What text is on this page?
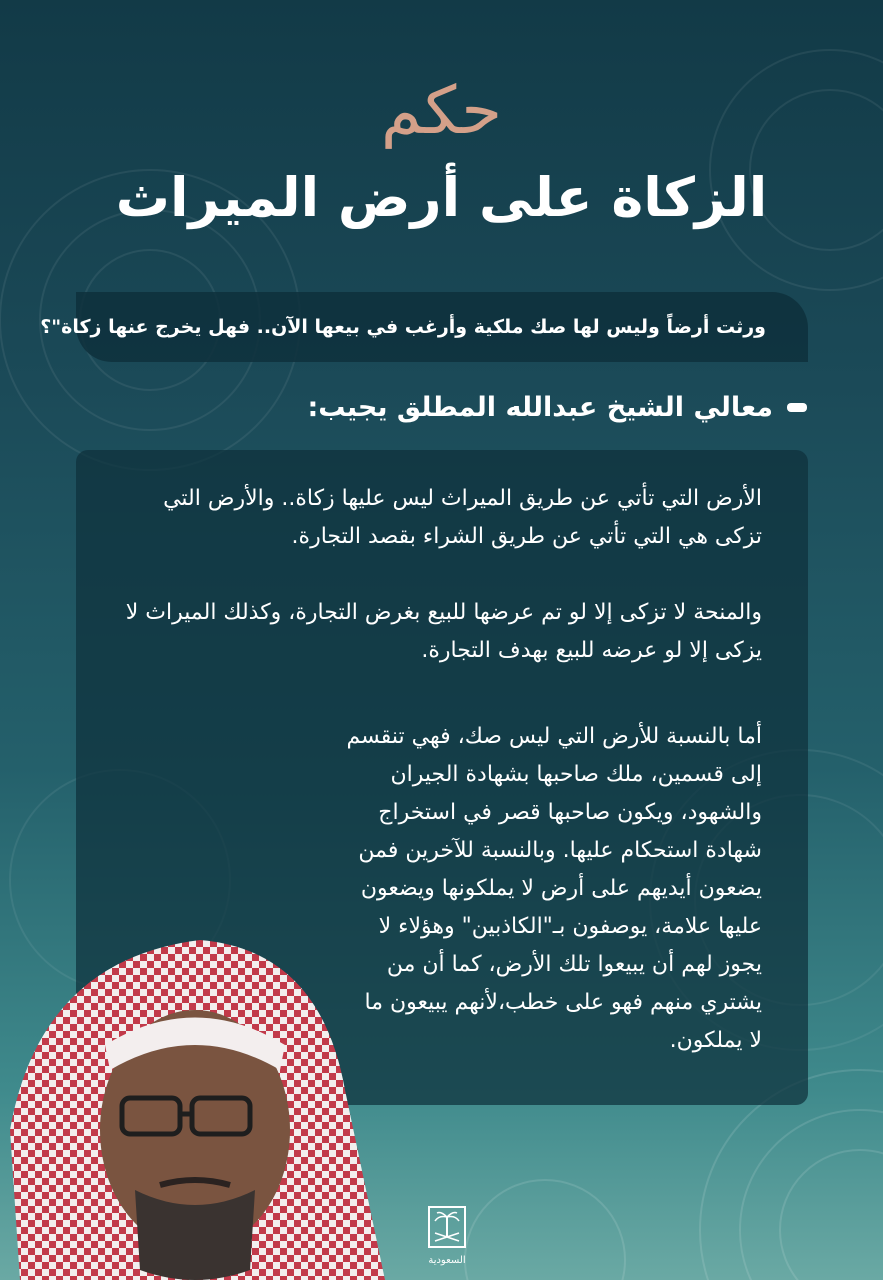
حكم
الزكاة على أرض الميراث
ورثت أرضاً وليس لها صك ملكية وأرغب في بيعها الآن.. فهل يخرج عنها زكاة"؟
معالي الشيخ عبدالله المطلق يجيب:

الأرض التي تأتي عن طريق الميراث ليس عليها زكاة.. والأرض التي تزكى هي التي تأتي عن طريق الشراء بقصد التجارة.

والمنحة لا تزكى إلا لو تم عرضها للبيع بغرض التجارة، وكذلك الميراث لا يزكى إلا لو عرضه للبيع بهدف التجارة.

أما بالنسبة للأرض التي ليس صك، فهي تنقسم إلى قسمين، ملك صاحبها بشهادة الجيران والشهود، ويكون صاحبها قصر في استخراج شهادة استحكام عليها. وبالنسبة للآخرين فمن يضعون أيديهم على أرض لا يملكونها ويضعون عليها علامة، يوصفون بـ"الكاذبين" وهؤلاء لا يجوز لهم أن يبيعوا تلك الأرض، كما أن من يشتري منهم فهو على خطب،لأنهم يبيعون ما لا يملكون.

السعودية
